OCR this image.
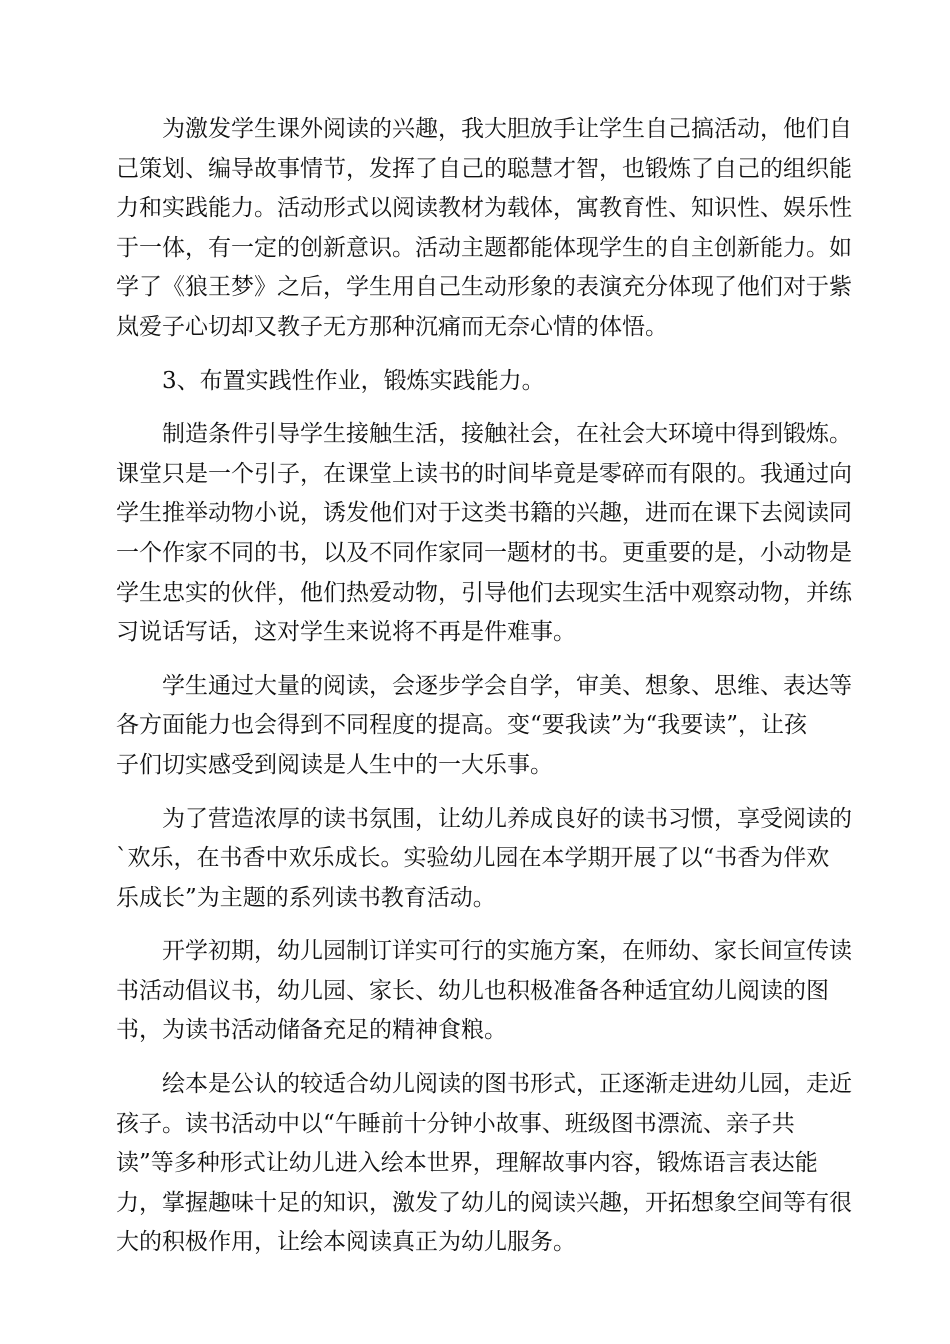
为激发学生课外阅读的兴趣，我大胆放手让学生自己搞活动，他们自
己策划、编导故事情节，发挥了自己的聪慧才智，也锻炼了自己的组织能
力和实践能力。活动形式以阅读教材为载体，寓教育性、知识性、娱乐性
于一体，有一定的创新意识。活动主题都能体现学生的自主创新能力。如
学了《狼王梦》之后，学生用自己生动形象的表演充分体现了他们对于紫
岚爱子心切却又教子无方那种沉痛而无奈心情的体悟。

3、布置实践性作业，锻炼实践能力。

制造条件引导学生接触生活，接触社会，在社会大环境中得到锻炼。
课堂只是一个引子，在课堂上读书的时间毕竟是零碎而有限的。我通过向
学生推举动物小说，诱发他们对于这类书籍的兴趣，进而在课下去阅读同
一个作家不同的书，以及不同作家同一题材的书。更重要的是，小动物是
学生忠实的伙伴，他们热爱动物，引导他们去现实生活中观察动物，并练
习说话写话，这对学生来说将不再是件难事。

学生通过大量的阅读，会逐步学会自学，审美、想象、思维、表达等
各方面能力也会得到不同程度的提高。变“要我读”为“我要读”，让孩
子们切实感受到阅读是人生中的一大乐事。

为了营造浓厚的读书氛围，让幼儿养成良好的读书习惯，享受阅读的
`欢乐，在书香中欢乐成长。实验幼儿园在本学期开展了以“书香为伴欢
乐成长”为主题的系列读书教育活动。

开学初期，幼儿园制订详实可行的实施方案，在师幼、家长间宣传读
书活动倡议书，幼儿园、家长、幼儿也积极准备各种适宜幼儿阅读的图
书，为读书活动储备充足的精神食粮。

绘本是公认的较适合幼儿阅读的图书形式，正逐渐走进幼儿园，走近
孩子。读书活动中以“午睡前十分钟小故事、班级图书漂流、亲子共
读”等多种形式让幼儿进入绘本世界，理解故事内容，锻炼语言表达能
力，掌握趣味十足的知识，激发了幼儿的阅读兴趣，开拓想象空间等有很
大的积极作用，让绘本阅读真正为幼儿服务。
